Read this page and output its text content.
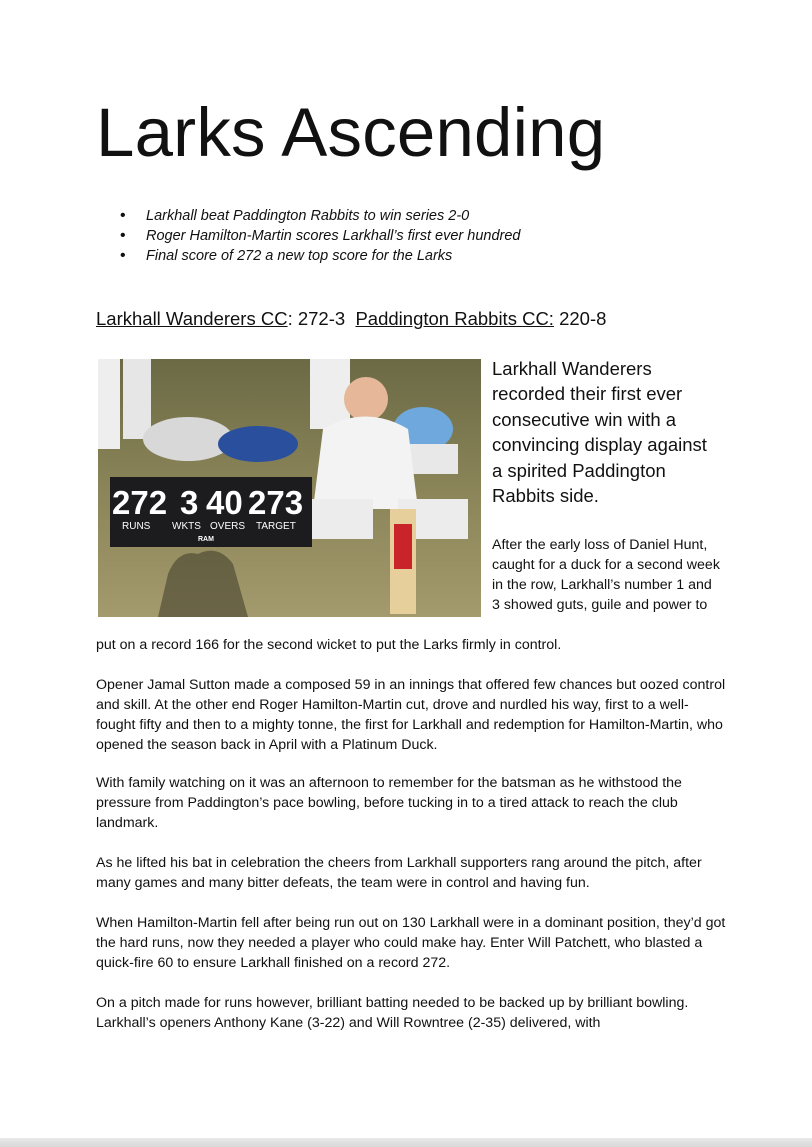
Larks Ascending
• Larkhall beat Paddington Rabbits to win series 2-0
• Roger Hamilton-Martin scores Larkhall’s first ever hundred
• Final score of 272 a new top score for the Larks
Larkhall Wanderers CC: 272-3 Paddington Rabbits CC: 220-8
272 3 40 273
RUNS WKTS OVERS TARGET
RAM

Larkhall Wanderers recorded their first ever consecutive win with a convincing display against a spirited Paddington Rabbits side.

After the early loss of Daniel Hunt, caught for a duck for a second week in the row, Larkhall’s number 1 and 3 showed guts, guile and power to

put on a record 166 for the second wicket to put the Larks firmly in control.

Opener Jamal Sutton made a composed 59 in an innings that offered few chances but oozed control and skill. At the other end Roger Hamilton-Martin cut, drove and nurdled his way, first to a well-fought fifty and then to a mighty tonne, the first for Larkhall and redemption for Hamilton-Martin, who opened the season back in April with a Platinum Duck.

With family watching on it was an afternoon to remember for the batsman as he withstood the pressure from Paddington’s pace bowling, before tucking in to a tired attack to reach the club landmark.

As he lifted his bat in celebration the cheers from Larkhall supporters rang around the pitch, after many games and many bitter defeats, the team were in control and having fun.

When Hamilton-Martin fell after being run out on 130 Larkhall were in a dominant position, they’d got the hard runs, now they needed a player who could make hay. Enter Will Patchett, who blasted a quick-fire 60 to ensure Larkhall finished on a record 272.

On a pitch made for runs however, brilliant batting needed to be backed up by brilliant bowling. Larkhall’s openers Anthony Kane (3-22) and Will Rowntree (2-35) delivered, with
